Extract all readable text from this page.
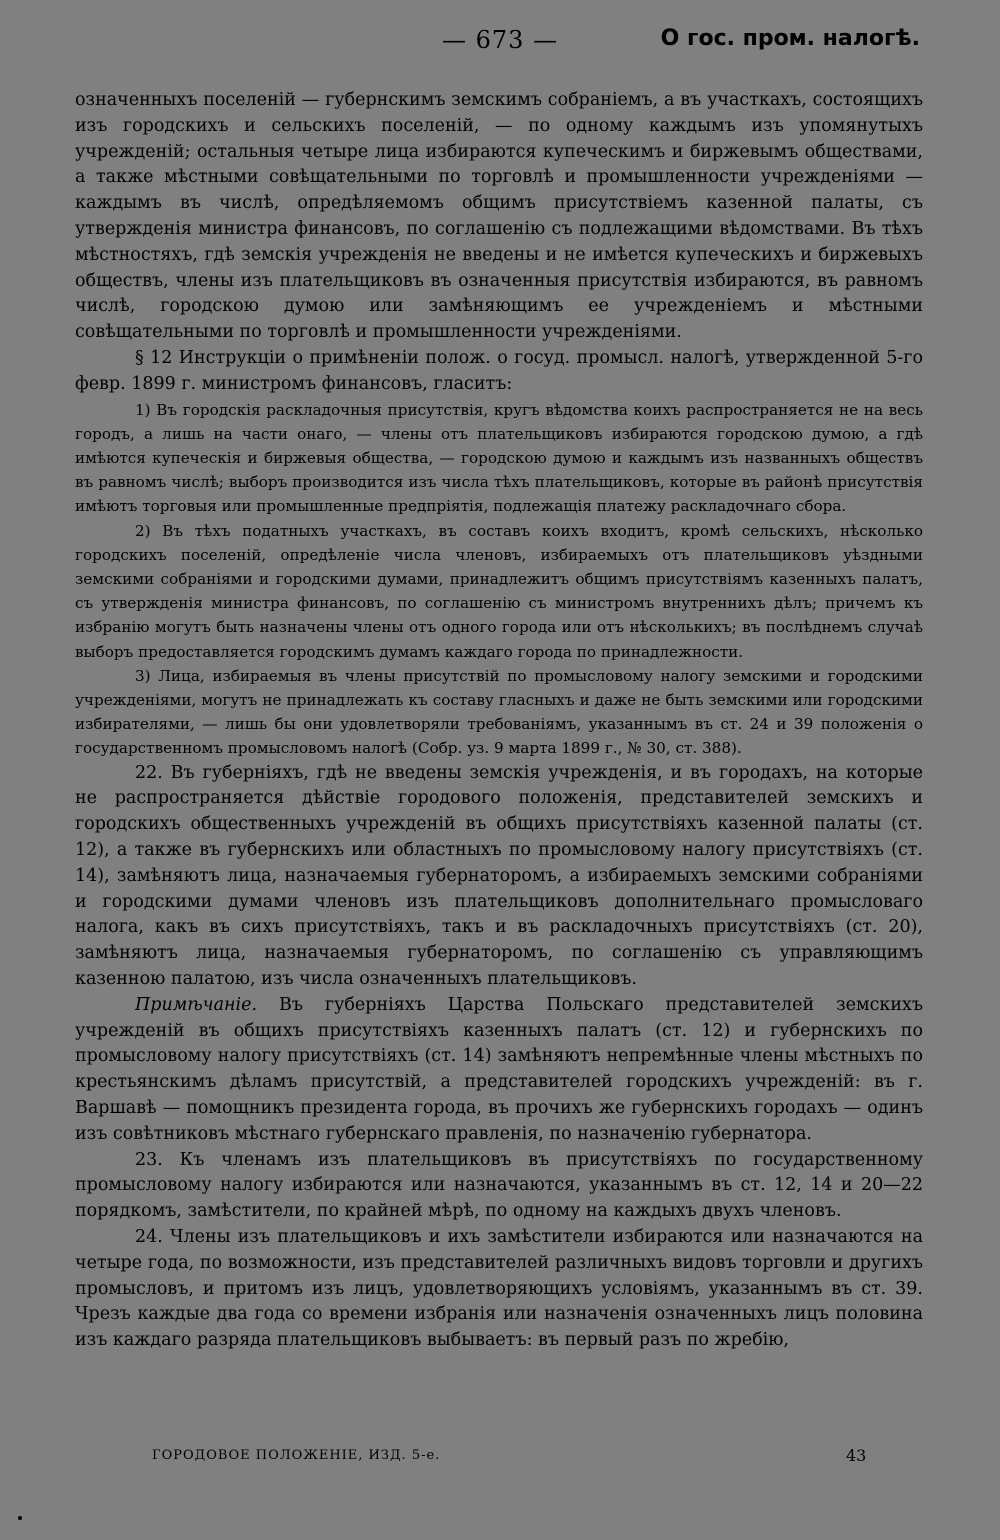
— 673 —	О гос. пром. налогѣ.

означенныхъ поселеній — губернскимъ земскимъ собраніемъ, а въ участкахъ, состоящихъ изъ городскихъ и сельскихъ поселеній, — по одному каждымъ изъ упомянутыхъ учрежденій; остальныя четыре лица избираются купеческимъ и биржевымъ обществами, а также мѣстными совѣщательными по торговлѣ и промышленности учрежденіями — каждымъ въ числѣ, опредѣляемомъ общимъ присутствіемъ казенной палаты, съ утвержденія министра финансовъ, по соглашенію съ подлежащими вѣдомствами. Въ тѣхъ мѣстностяхъ, гдѣ земскія учрежденія не введены и не имѣется купеческихъ и биржевыхъ обществъ, члены изъ плательщиковъ въ означенныя присутствія избираются, въ равномъ числѣ, городскою думою или замѣняющимъ ее учрежденіемъ и мѣстными совѣщательными по торговлѣ и промышленности учрежденіями.

§ 12 Инструкціи о примѣненіи полож. о госуд. промысл. налогѣ, утвержденной 5-го февр. 1899 г. министромъ финансовъ, гласитъ:

1) Въ городскія раскладочныя присутствія, кругъ вѣдомства коихъ распространяется не на весь городъ, а лишь на части онаго, — члены отъ плательщиковъ избираются городскою думою, а гдѣ имѣются купеческія и биржевыя общества, — городскою думою и каждымъ изъ названныхъ обществъ въ равномъ числѣ; выборъ производится изъ числа тѣхъ плательщиковъ, которые въ районѣ присутствія имѣютъ торговыя или промышленные предпріятія, подлежащія платежу раскладочнаго сбора.

2) Въ тѣхъ податныхъ участкахъ, въ составъ коихъ входитъ, кромѣ сельскихъ, нѣсколько городскихъ поселеній, опредѣленіе числа членовъ, избираемыхъ отъ плательщиковъ уѣздными земскими собраніями и городскими думами, принадлежитъ общимъ присутствіямъ казенныхъ палатъ, съ утвержденія министра финансовъ, по соглашенію съ министромъ внутреннихъ дѣлъ; причемъ къ избранію могутъ быть назначены члены отъ одного города или отъ нѣсколькихъ; въ послѣднемъ случаѣ выборъ предоставляется городскимъ думамъ каждаго города по принадлежности.

3) Лица, избираемыя въ члены присутствій по промысловому налогу земскими и городскими учрежденіями, могутъ не принадлежать къ составу гласныхъ и даже не быть земскими или городскими избирателями, — лишь бы они удовлетворяли требованіямъ, указаннымъ въ ст. 24 и 39 положенія о государственномъ промысловомъ налогѣ (Собр. уз. 9 марта 1899 г., № 30, ст. 388).

22. Въ губерніяхъ, гдѣ не введены земскія учрежденія, и въ городахъ, на которые не распространяется дѣйствіе городового положенія, представителей земскихъ и городскихъ общественныхъ учрежденій въ общихъ присутствіяхъ казенной палаты (ст. 12), а также въ губернскихъ или областныхъ по промысловому налогу присутствіяхъ (ст. 14), замѣняютъ лица, назначаемыя губернаторомъ, а избираемыхъ земскими собраніями и городскими думами членовъ изъ плательщиковъ дополнительнаго промысловаго налога, какъ въ сихъ присутствіяхъ, такъ и въ раскладочныхъ присутствіяхъ (ст. 20), замѣняютъ лица, назначаемыя губернаторомъ, по соглашенію съ управляющимъ казенною палатою, изъ числа означенныхъ плательщиковъ.

Примѣчаніе. Въ губерніяхъ Царства Польскаго представителей земскихъ учрежденій въ общихъ присутствіяхъ казенныхъ палатъ (ст. 12) и губернскихъ по промысловому налогу присутствіяхъ (ст. 14) замѣняютъ непремѣнные члены мѣстныхъ по крестьянскимъ дѣламъ присутствій, а представителей городскихъ учрежденій: въ г. Варшавѣ — помощникъ президента города, въ прочихъ же губернскихъ городахъ — одинъ изъ совѣтниковъ мѣстнаго губернскаго правленія, по назначенію губернатора.

23. Къ членамъ изъ плательщиковъ въ присутствіяхъ по государственному промысловому налогу избираются или назначаются, указаннымъ въ ст. 12, 14 и 20—22 порядкомъ, замѣстители, по крайней мѣрѣ, по одному на каждыхъ двухъ членовъ.

24. Члены изъ плательщиковъ и ихъ замѣстители избираются или назначаются на четыре года, по возможности, изъ представителей различныхъ видовъ торговли и другихъ промысловъ, и притомъ изъ лицъ, удовлетворяющихъ условіямъ, указаннымъ въ ст. 39. Чрезъ каждые два года со времени избранія или назначенія означенныхъ лицъ половина изъ каждаго разряда плательщиковъ выбываетъ: въ первый разъ по жребію,

ГОРОДОВОЕ ПОЛОЖЕНІЕ, ИЗД. 5-е.	43
